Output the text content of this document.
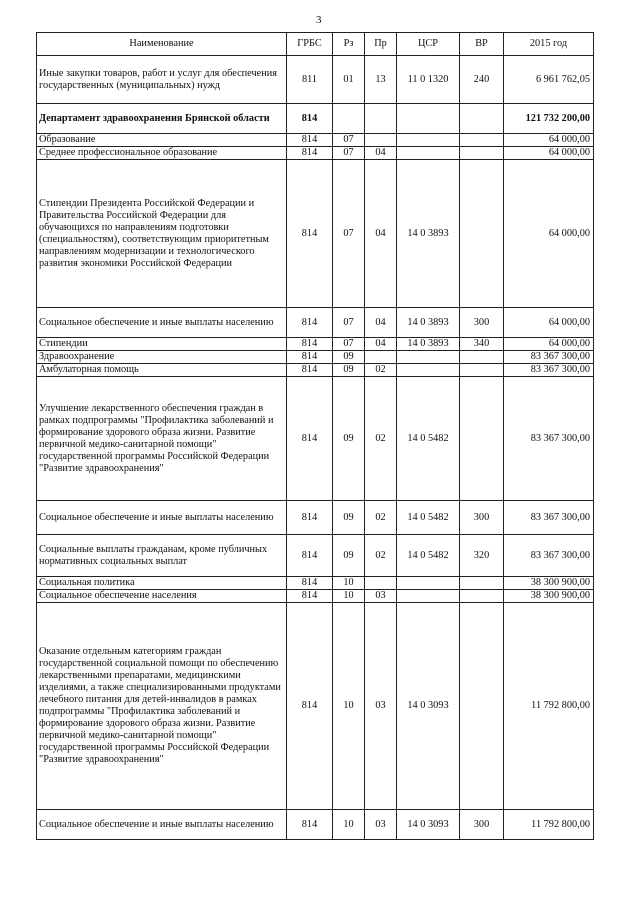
3
Наименование	ГРБС	Рз	Пр	ЦСР	ВР	2015 год
Иные закупки товаров, работ и услуг для обеспечения государственных (муниципальных) нужд	811	01	13	11 0 1320	240	6 961 762,05
Департамент здравоохранения Брянской области	814					121 732 200,00
Образование	814	07				64 000,00
Среднее профессиональное образование	814	07	04			64 000,00
Стипендии Президента Российской Федерации и Правительства Российской Федерации для обучающихся по направлениям подготовки (специальностям), соответствующим приоритетным направлениям модернизации и технологического развития экономики Российской Федерации	814	07	04	14 0 3893		64 000,00
Социальное обеспечение и иные выплаты населению	814	07	04	14 0 3893	300	64 000,00
Стипендии	814	07	04	14 0 3893	340	64 000,00
Здравоохранение	814	09				83 367 300,00
Амбулаторная помощь	814	09	02			83 367 300,00
Улучшение лекарственного обеспечения граждан в рамках подпрограммы "Профилактика заболеваний и формирование здорового образа жизни. Развитие первичной медико-санитарной помощи" государственной программы Российской Федерации "Развитие здравоохранения"	814	09	02	14 0 5482		83 367 300,00
Социальное обеспечение и иные выплаты населению	814	09	02	14 0 5482	300	83 367 300,00
Социальные выплаты гражданам, кроме публичных нормативных социальных выплат	814	09	02	14 0 5482	320	83 367 300,00
Социальная политика	814	10				38 300 900,00
Социальное обеспечение населения	814	10	03			38 300 900,00
Оказание отдельным категориям граждан государственной социальной помощи по обеспечению лекарственными препаратами, медицинскими изделиями, а также специализированными продуктами лечебного питания для детей-инвалидов в рамках подпрограммы "Профилактика заболеваний и формирование здорового образа жизни. Развитие первичной медико-санитарной помощи" государственной программы Российской Федерации "Развитие здравоохранения"	814	10	03	14 0 3093		11 792 800,00
Социальное обеспечение и иные выплаты населению	814	10	03	14 0 3093	300	11 792 800,00
